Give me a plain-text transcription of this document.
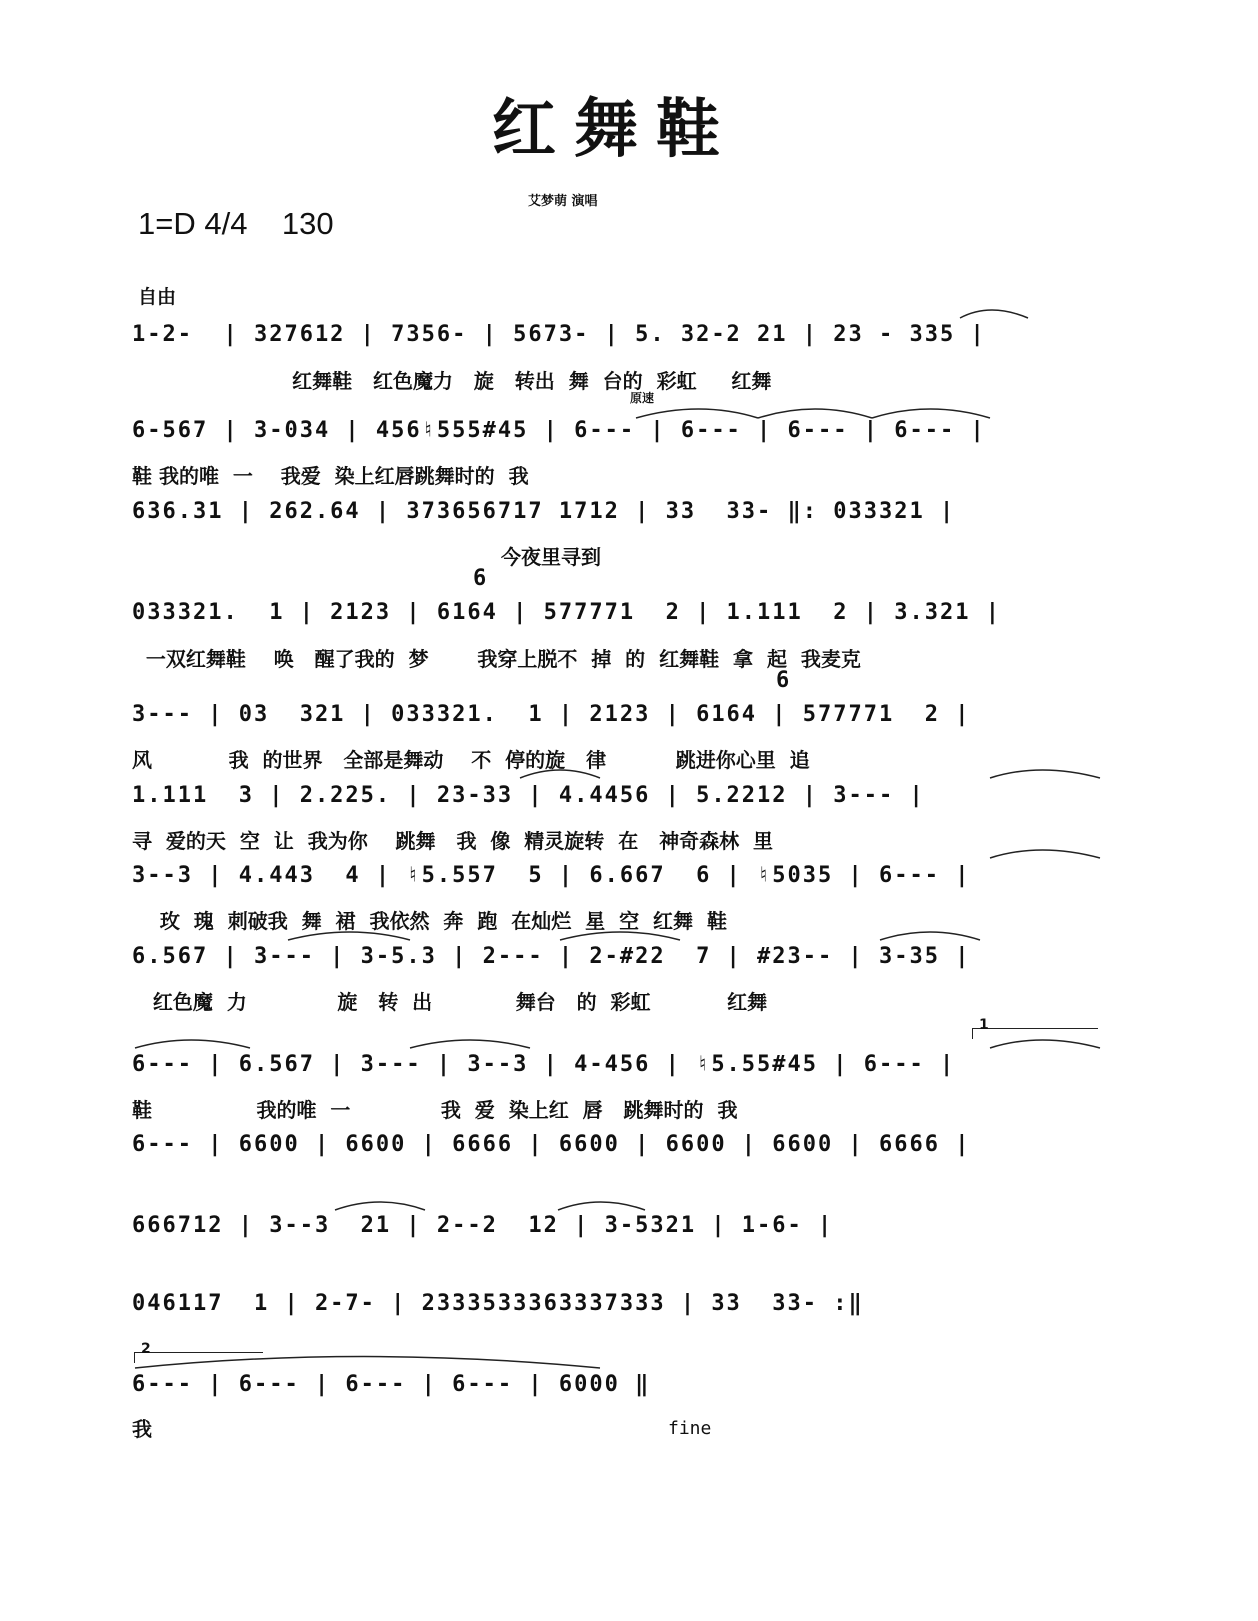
红舞鞋
艾梦萌 演唱
1=D 4/4 130
自由
原速
1-2-  | 327612 | 7356- | 5673- | 5. 32-2 21 | 23 - 335 |
红舞鞋   红色魔力   旋   转出  舞  台的  彩虹     红舞
6-567 | 3-034 | 456♮555#45 | 6--- | 6--- | 6--- | 6--- |
鞋 我的唯  一    我爱  染上红唇跳舞时的  我
636.31 | 262.64 | 373656717 1712 | 33  33- ‖: 033321 |
今夜里寻到
6
033321.  1 | 2123 | 6164 | 577771  2 | 1.111  2 | 3.321 |
一双红舞鞋    唤   醒了我的  梦       我穿上脱不  掉  的  红舞鞋  拿  起  我麦克
6
3--- | 03  321 | 033321.  1 | 2123 | 6164 | 577771  2 |
风           我  的世界   全部是舞动    不  停的旋   律          跳进你心里  追
1.111  3 | 2.225. | 23-33 | 4.4456 | 5.2212 | 3--- |
寻  爱的天  空  让  我为你    跳舞   我  像  精灵旋转  在   神奇森林  里
3--3 | 4.443  4 | ♮5.557  5 | 6.667  6 | ♮5035 | 6--- |
玫  瑰  刺破我  舞  裙  我依然  奔  跑  在灿烂  星  空  红舞  鞋
6.567 | 3--- | 3-5.3 | 2--- | 2-#22  7 | #23-- | 3-35 |
红色魔  力             旋   转  出            舞台   的  彩虹           红舞
1
6--- | 6.567 | 3--- | 3--3 | 4-456 | ♮5.55#45 | 6--- |
鞋               我的唯  一             我  爱  染上红  唇   跳舞时的  我
6--- | 6600 | 6600 | 6666 | 6600 | 6600 | 6600 | 6666 |
666712 | 3--3  21 | 2--2  12 | 3-5321 | 1-6- |
046117  1 | 2-7- | 2333533363337333 | 33  33- :‖
2
6--- | 6--- | 6--- | 6--- | 6000 ‖
我	fine
